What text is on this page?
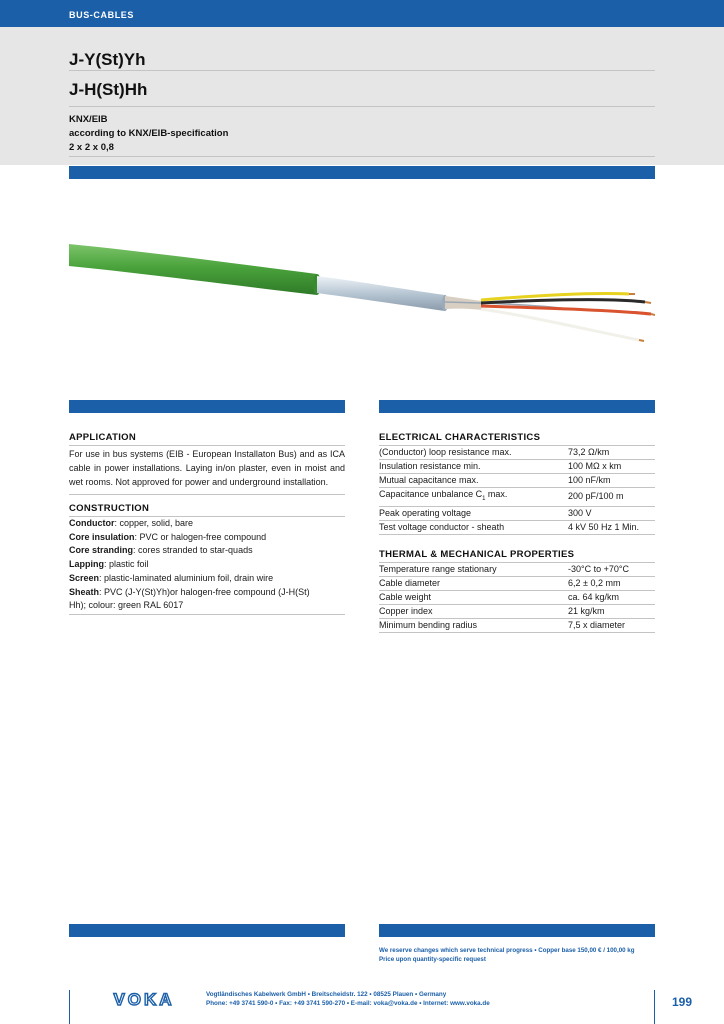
BUS-CABLES
J-Y(St)Yh
J-H(St)Hh
KNX/EIB
according to KNX/EIB-specification
2 x 2 x 0,8
APPLICATION
For use in bus systems (EIB - European Installaton Bus) and as ICA cable in power installations. Laying in/on plaster, even in moist and wet rooms. Not approved for power and underground installation.
CONSTRUCTION
Conductor: copper, solid, bare
Core insulation: PVC or halogen-free compound
Core stranding: cores stranded to star-quads
Lapping: plastic foil
Screen: plastic-laminated aluminium foil, drain wire
Sheath: PVC (J-Y(St)Yh)or halogen-free compound (J-H(St)
Hh); colour: green RAL 6017
ELECTRICAL CHARACTERISTICS
(Conductor) loop resistance max.	73,2 Ω/km
Insulation resistance min.	100 MΩ x km
Mutual capacitance max.	100 nF/km
Capacitance unbalance $C_1$ max.	200 pF/100 m
Peak operating voltage	300 V
Test voltage conductor - sheath	4 kV 50 Hz 1 Min.
THERMAL & MECHANICAL PROPERTIES
Temperature range stationary	-30°C to +70°C
Cable diameter	6,2 ± 0,2 mm
Cable weight	ca. 64 kg/km
Copper index	21 kg/km
Minimum bending radius	7,5 x diameter
We reserve changes which serve technical progress • Copper base 150,00 € / 100,00 kg
Price upon quantity-specific request
VOKA	Vogtländisches Kabelwerk GmbH • Breitscheidstr. 122 • 08525 Plauen • Germany
Phone: +49 3741 590-0 • Fax: +49 3741 590-270 • E-mail: voka@voka.de • Internet: www.voka.de	199
